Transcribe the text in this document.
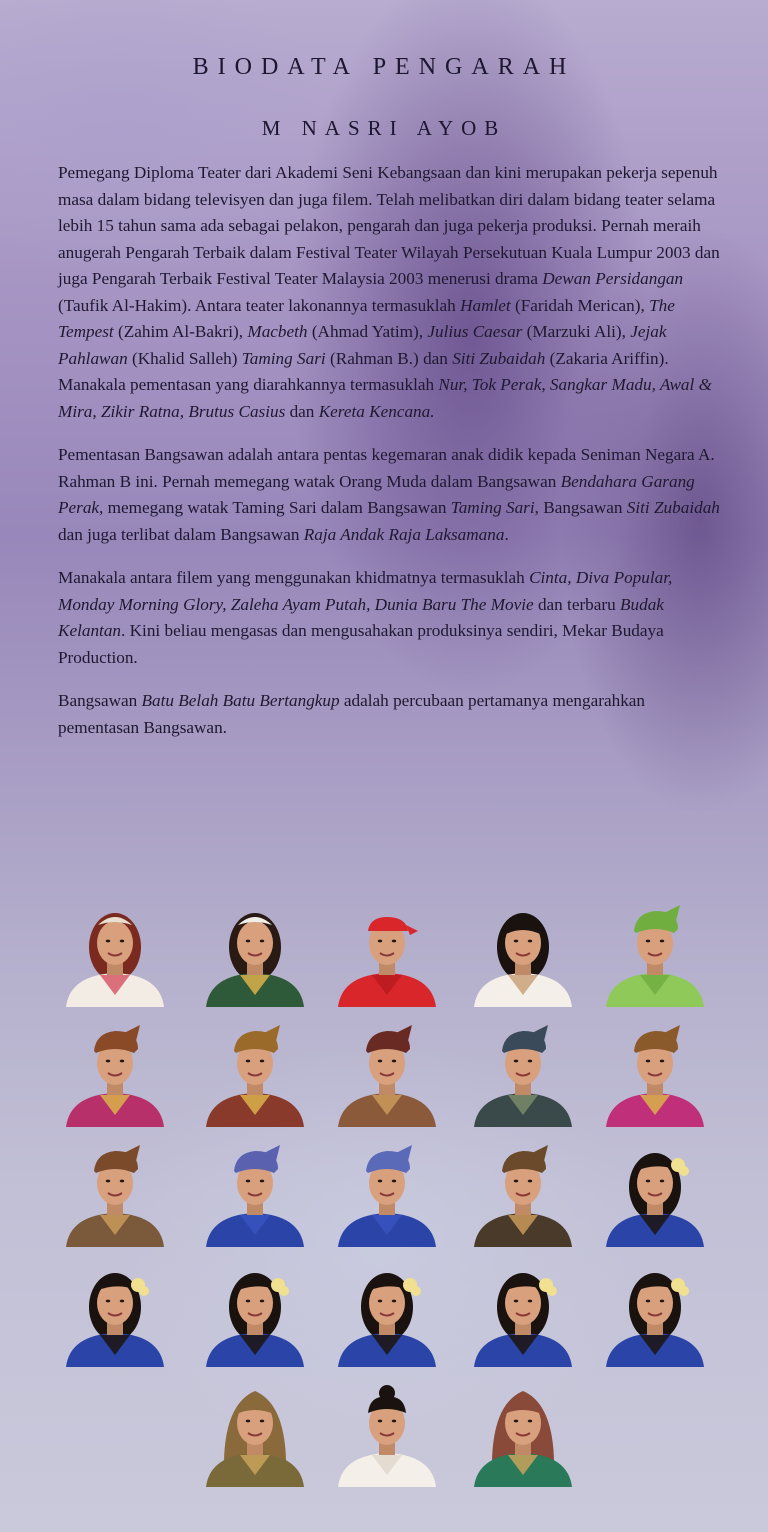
BIODATA PENGARAH
M NASRI AYOB

Pemegang Diploma Teater dari Akademi Seni Kebangsaan dan kini merupakan pekerja sepenuh masa dalam bidang televisyen dan juga filem. Telah melibatkan diri dalam bidang teater selama lebih 15 tahun sama ada sebagai pelakon, pengarah dan juga pekerja produksi. Pernah meraih anugerah Pengarah Terbaik dalam Festival Teater Wilayah Persekutuan Kuala Lumpur 2003 dan juga Pengarah Terbaik Festival Teater Malaysia 2003 menerusi drama Dewan Persidangan (Taufik Al-Hakim). Antara teater lakonannya termasuklah Hamlet (Faridah Merican), The Tempest (Zahim Al-Bakri), Macbeth (Ahmad Yatim), Julius Caesar (Marzuki Ali), Jejak Pahlawan (Khalid Salleh) Taming Sari (Rahman B.) dan Siti Zubaidah (Zakaria Ariffin). Manakala pementasan yang diarahkannya termasuklah Nur, Tok Perak, Sangkar Madu, Awal & Mira, Zikir Ratna, Brutus Casius dan Kereta Kencana.

Pementasan Bangsawan adalah antara pentas kegemaran anak didik kepada Seniman Negara A. Rahman B ini. Pernah memegang watak Orang Muda dalam Bangsawan Bendahara Garang Perak, memegang watak Taming Sari dalam Bangsawan Taming Sari, Bangsawan Siti Zubaidah dan juga terlibat dalam Bangsawan Raja Andak Raja Laksamana.

Manakala antara filem yang menggunakan khidmatnya termasuklah Cinta, Diva Popular, Monday Morning Glory, Zaleha Ayam Putah, Dunia Baru The Movie dan terbaru Budak Kelantan. Kini beliau mengasas dan mengusahakan produksinya sendiri, Mekar Budaya Production.

Bangsawan Batu Belah Batu Bertangkup adalah percubaan pertamanya mengarahkan pementasan Bangsawan.
